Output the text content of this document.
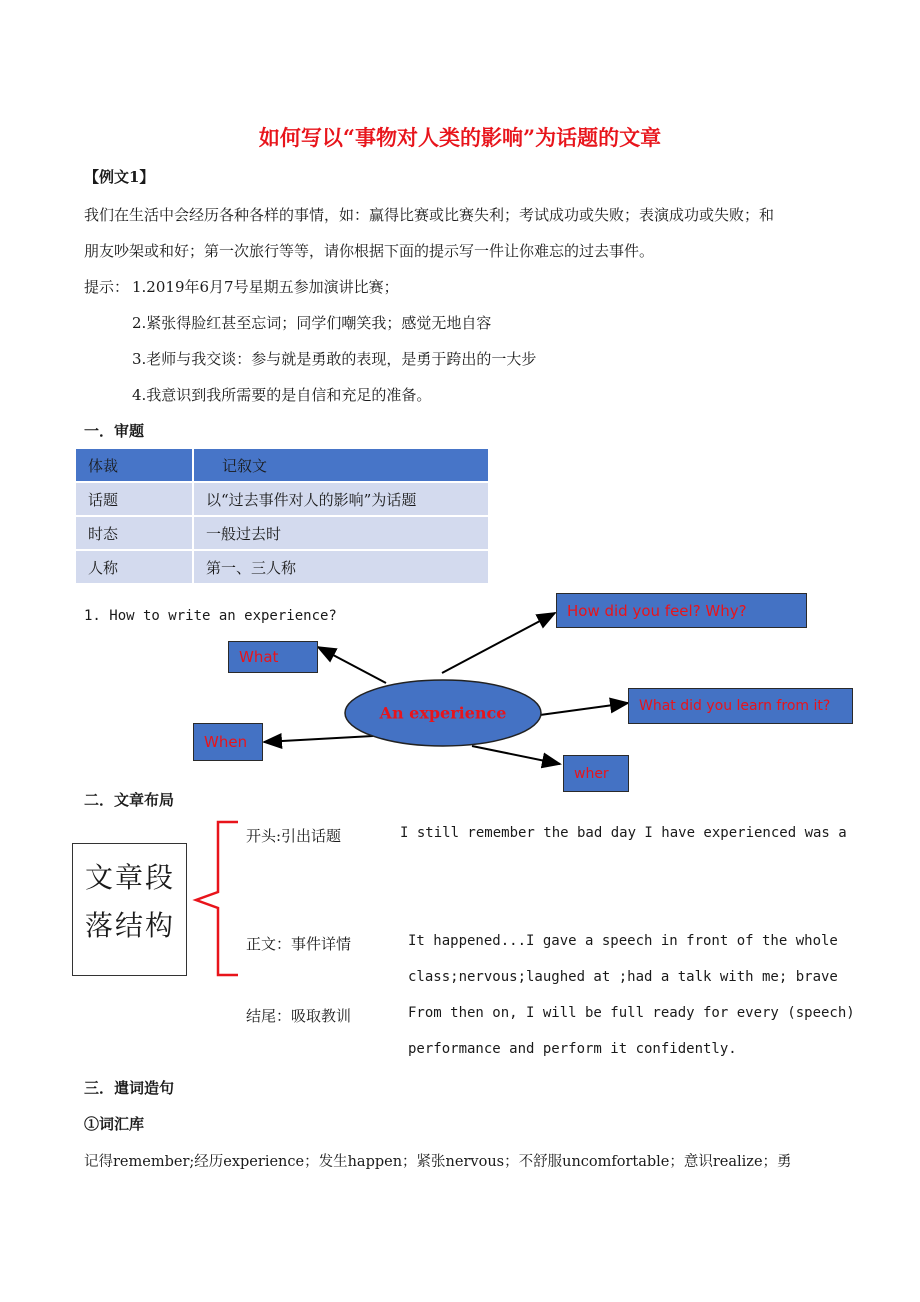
如何写以“事物对人类的影响”为话题的文章
【例文1】
我们在生活中会经历各种各样的事情，如：赢得比赛或比赛失利；考试成功或失败；表演成功或失败；和
朋友吵架或和好；第一次旅行等等，请你根据下面的提示写一件让你难忘的过去事件。
提示： 1.2019年6月7号星期五参加演讲比赛；
2.紧张得脸红甚至忘词；同学们嘲笑我；感觉无地自容
3.老师与我交谈：参与就是勇敢的表现，是勇于跨出的一大步
4.我意识到我所需要的是自信和充足的准备。
一．审题
体裁	记叙文
话题	以“过去事件对人的影响”为话题
时态	一般过去时
人称	第一、三人称
1. How to write an experience?
An experience
What
When
How did you feel? Why?
What did you learn from it?
wher
二．文章布局
文章段
落结构
开头:引出话题	I still remember the bad day I have experienced was a
正文：事件详情	It happened...I gave a speech in front of the whole
class;nervous;laughed at ;had a talk with me; brave
结尾：吸取教训	From then on, I will be full ready for every (speech)
performance and perform it confidently.
三．遣词造句
①词汇库
记得remember;经历experience；发生happen；紧张nervous；不舒服uncomfortable；意识realize；勇
